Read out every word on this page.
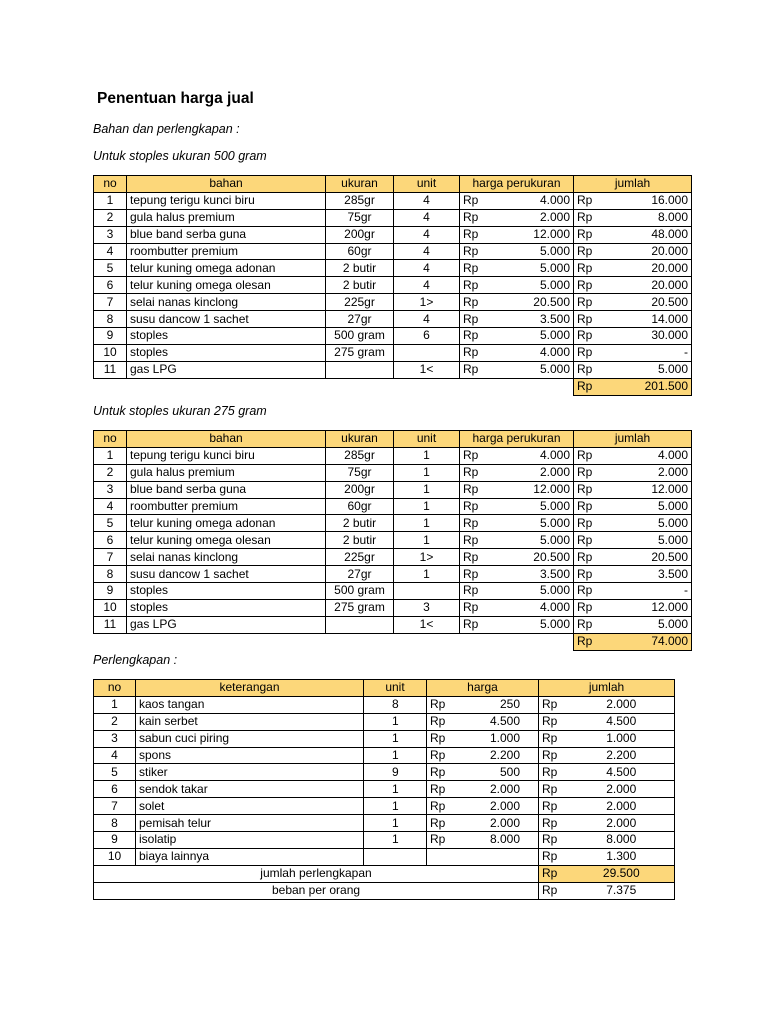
Penentuan harga jual
Bahan dan perlengkapan :
Untuk stoples ukuran 500 gram
no	bahan	ukuran	unit	harga perukuran		jumlah	
1	tepung terigu kunci biru	285gr	4	Rp	4.000	Rp	16.000
2	gula halus premium	75gr	4	Rp	2.000	Rp	8.000
3	blue band serba guna	200gr	4	Rp	12.000	Rp	48.000
4	roombutter premium	60gr	4	Rp	5.000	Rp	20.000
5	telur kuning omega adonan	2 butir	4	Rp	5.000	Rp	20.000
6	telur kuning omega olesan	2 butir	4	Rp	5.000	Rp	20.000
7	selai nanas kinclong	225gr	1>	Rp	20.500	Rp	20.500
8	susu dancow 1 sachet	27gr	4	Rp	3.500	Rp	14.000
9	stoples	500 gram	6	Rp	5.000	Rp	30.000
10	stoples	275 gram		Rp	4.000	Rp	-
11	gas LPG		1<	Rp	5.000	Rp	5.000
						Rp	201.500
Untuk stoples ukuran 275 gram
no	bahan	ukuran	unit	harga perukuran		jumlah	
1	tepung terigu kunci biru	285gr	1	Rp	4.000	Rp	4.000
2	gula halus premium	75gr	1	Rp	2.000	Rp	2.000
3	blue band serba guna	200gr	1	Rp	12.000	Rp	12.000
4	roombutter premium	60gr	1	Rp	5.000	Rp	5.000
5	telur kuning omega adonan	2 butir	1	Rp	5.000	Rp	5.000
6	telur kuning omega olesan	2 butir	1	Rp	5.000	Rp	5.000
7	selai nanas kinclong	225gr	1>	Rp	20.500	Rp	20.500
8	susu dancow 1 sachet	27gr	1	Rp	3.500	Rp	3.500
9	stoples	500 gram		Rp	5.000	Rp	-
10	stoples	275 gram	3	Rp	4.000	Rp	12.000
11	gas LPG		1<	Rp	5.000	Rp	5.000
						Rp	74.000
Perlengkapan :
no	keterangan	unit	harga		jumlah	
1	kaos tangan	8	Rp	250	Rp	2.000
2	kain serbet	1	Rp	4.500	Rp	4.500
3	sabun cuci piring	1	Rp	1.000	Rp	1.000
4	spons	1	Rp	2.200	Rp	2.200
5	stiker	9	Rp	500	Rp	4.500
6	sendok takar	1	Rp	2.000	Rp	2.000
7	solet	1	Rp	2.000	Rp	2.000
8	pemisah telur	1	Rp	2.000	Rp	2.000
9	isolatip	1	Rp	8.000	Rp	8.000
10	biaya lainnya				Rp	1.300
jumlah perlengkapan					Rp	29.500
beban per orang					Rp	7.375
